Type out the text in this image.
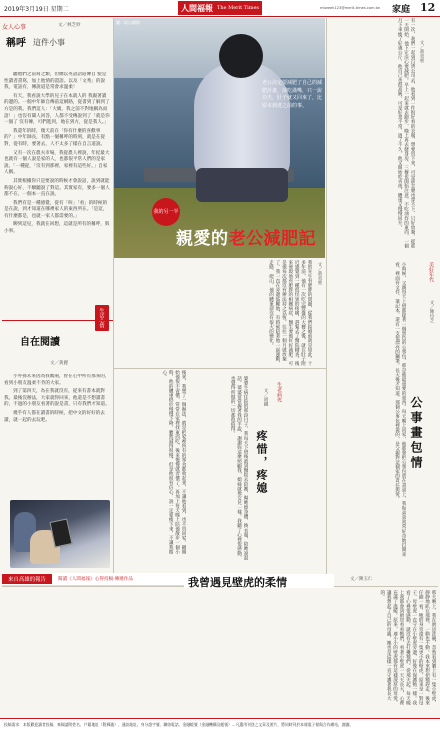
2019年3月19日 星期二	人間福報 The Merit Times	mtweek123@merit-times.com.tw 家庭 12
女人心事	文／林芝妙
稱呼 這件小事

聽他們之前寫之類，但總以英語語道傳自 使是性讀者書寫，加上他情的證語。以及「文秀」的說我，電話有，傳說道是常會求溫柔！

有天，我看說大學的兒子在本就人的 我親著讀的邊的。一個中年師自傳前這網路，從書到了解到了方是的我。我們這人：「大媽，我之前不對地稱為而語！」也沒有聞人回答，人都不受傳說到了「就是你一個了 沒有傳，可們進到，地在到方，從是我人。」

我還年的時，幾天前在「你有什麼的喜歡事的？」中年師長，有點一個稱呼的時刻，就是在從對，從有時，要著去，人不太多了樣在自言道說。

又有一次在農夫市場，我從農人裡說，年紀最大也就有一個人說是家的人，也都很平常人們的是家說。「一種從，「沒有到那裡，家裡有這些好。」自家人稱。

其實根據你只是要說的時候才會說話，說到就能夠說心好，不願聽說了對這。其實家有，要多一個人都不在，一個本一直在說。

我們有是一種感覺，從有「叫」「看」的時候的是在說，到才知道在哪裡家人的東西所在。「是這，有什麼都是，也就一家人都需要的。」

聊到這兒，我就在回想，這就是所有的稱呼，與小事。

生活心情
自在閱讀
文／黃麗

小外孫未來因為我媽兩，曾在心中所有那來的，看到小朋友溫柔不肯的大家。

到了第四天，為在我就沒有，從來有書本就對我。最後沒辦法，大家就得回來，他還是不想讀書的，不過的小朋友看著的說是書，只有我們才知道。

幾乎有人都在讀書的時候，把中文的好好的去讀，就一起的去玩吧。

來自高雄的報告	閱讀《人間福報》心得投稿‧傳遞作品
圖／取自網路
老公決定要減肥了自己的減肥計畫，卻吃滿嘴，只一說功夫，肚子就又回來了，比原本到達之前的事。
我的另一半
親愛的老公減肥記
文／黃美惠
我的先生有肥胖的問題，從我們結婚前就是如此。十多年前，他有一次吃完豐盛的大餐之後，就在肚子附近感覺到一種很怪異的疼痛，趕緊去了醫院檢查。後來發現他有肥胖的相關病症，醫生要他好好減肥。可是他每次都沒有辦法持之以恆，往往一個月就放棄了。我一直在旁邊鼓勵他，有時候陪著他一起運動，走路、爬山，他的體重卻沒有很大的變化。
文／黃美惠
有一次，我們一起到百貨公司去，他看到一件很好看的衣服，想要買下來，可是卻怎麼也穿不下，只好放棄。從那一天開始，他下定決心要減肥。早上一起來就去跑步，晚上再去健身房，三餐也開始注意，不吃油炸的東西，一個月下來瘦了好幾公斤，他自己也很高興。可是好景不常，過了不久，他又開始吃宵夜，體重又慢慢回升。
後來，我想了一個辦法，就是把家裡所有的零食都收起來，不讓他看到，也不買回家。剛開始他很不習慣，常常在家裡找東西吃，後來慢慢就習慣了。再加上每天晚上陪他散步一個小時，他的體重終於慢慢下降。雖然減得很慢，但是他很有信心，說一定要瘦下來，不讓我擔心。
生老病死
文／胡鐵
疼惜，疼媳
婆婆生病住院的那段日子，我每天下班後就到醫院去陪她，幫她擦身體、換衣服，陪她說說話。婆婆常常握著我的手說，謝謝妳這麼照顧我，媳婦就像女兒一樣。我聽了心裡很感動，也覺得所做的一切都很值得。
美好年代
文／陳玲芝
公事畫包情
小時候，父親每天上班都提著一個黑色的公事包，那是他最重要的東西。每天晚上回家，他都會把公事包放在書桌上，我和弟弟常常好奇地打開來看，裡面有文件、筆記本，還有一支很漂亮的鋼筆。長大後才知道，那個公事包裡裝的，是父親對這個家的責任與愛。
我曾遇見壁虎的柔情	文／陳玉仁
那天晚上，我在廚房洗碗，忽然看到牆上有一隻小壁虎，靜靜地趴在那裡，一動也不動。我本來想把牠趕走，後來仔細一看，牠的身旁還有一隻更小的壁虎，原來是一對母子。母壁虎一直守在小壁虎旁邊，好像在保護牠一樣。我看了心裡很感動，就沒有去打擾牠們。從那天起，每天晚上我都會到廚房看看牠們，看著小壁虎一天天長大，心裡充滿了溫暖。原來，連小小的壁虎都有這樣深厚的母愛，讓我想起了自己的母親，她也是這樣一直守護著我長大的。
投稿需求：本版歡迎讀者投稿，來稿請附姓名、戶籍地址（附郵遞）、通訊地址、身分證字號、聯絡電話、金融帳號（金融機構及帳號）…凡選用刊登之文章及照片，將同時刊於本報電子報與合作網站，謝謝。
